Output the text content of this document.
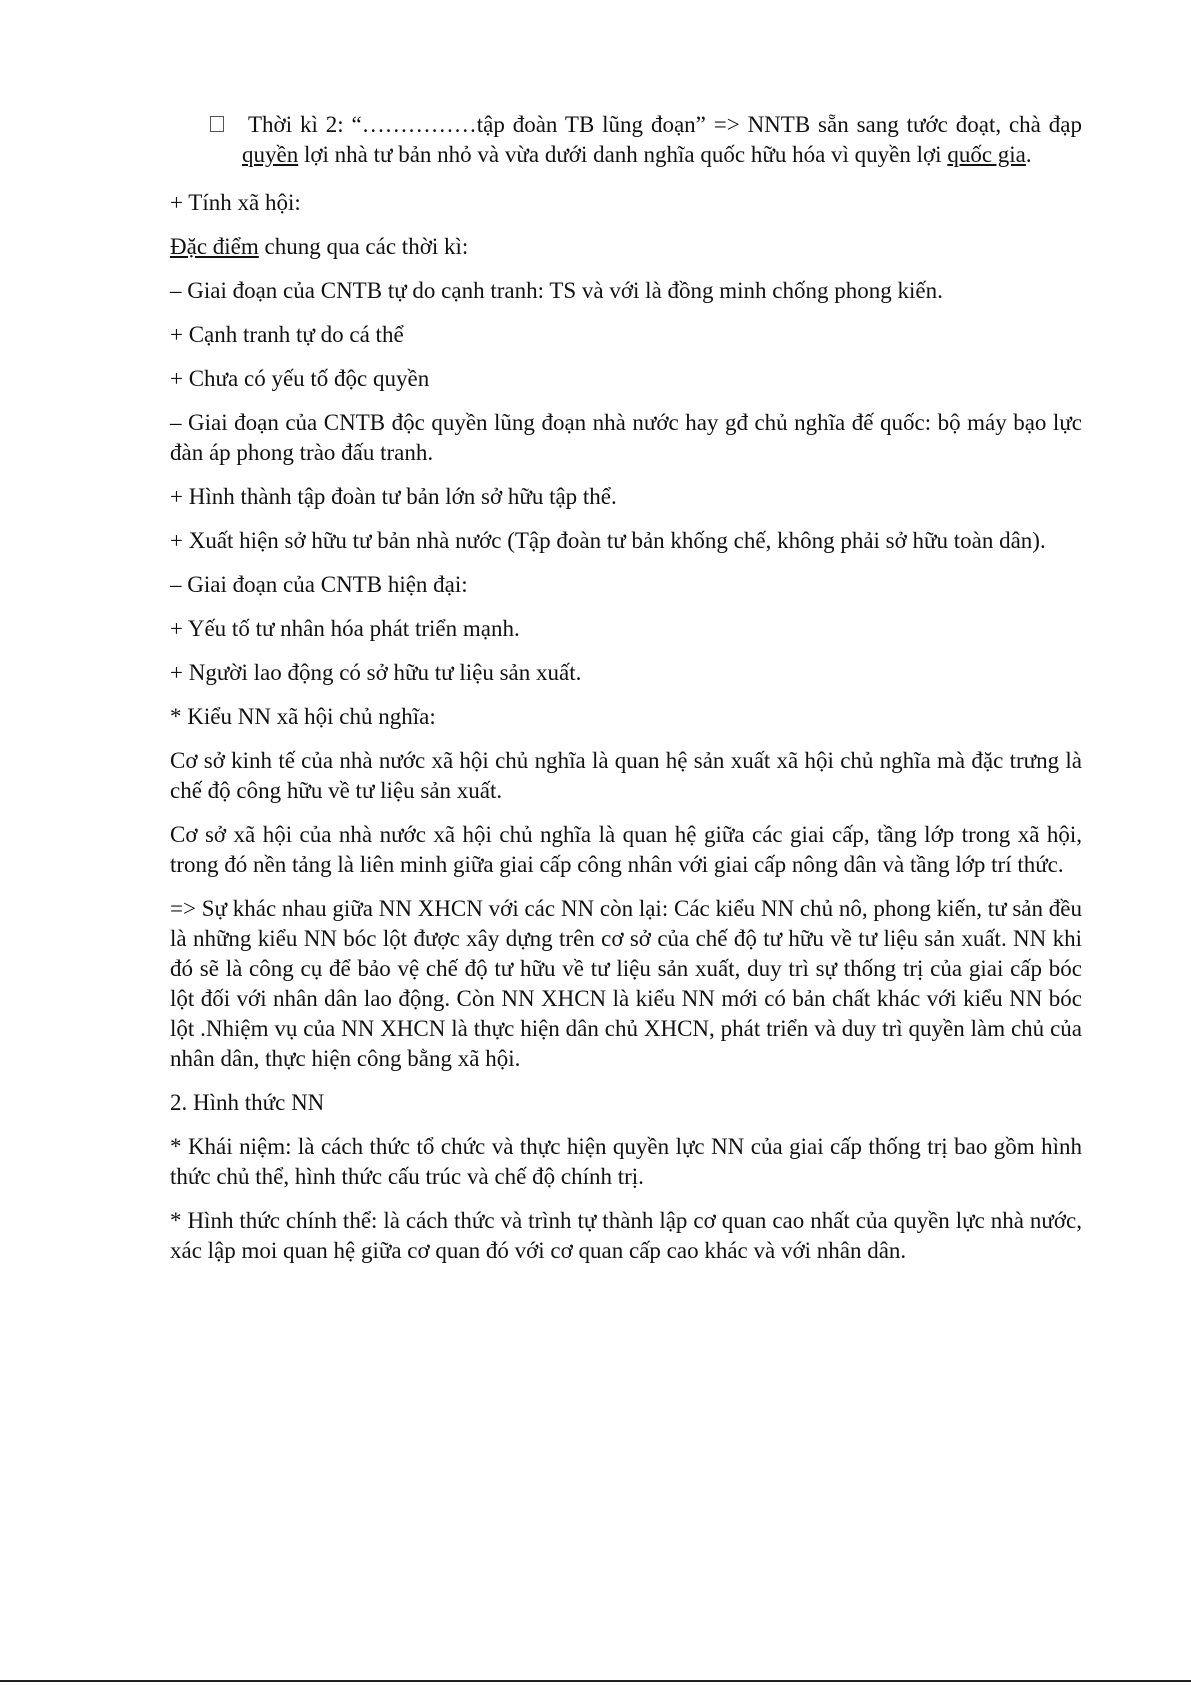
Thời kì 2: “……………tập đoàn TB lũng đoạn” => NNTB sẵn sang tước đoạt, chà đạp quyền lợi nhà tư bản nhỏ và vừa dưới danh nghĩa quốc hữu hóa vì quyền lợi quốc gia.

+ Tính xã hội:

Đặc điểm chung qua các thời kì:

– Giai đoạn của CNTB tự do cạnh tranh: TS và với là đồng minh chống phong kiến.

+ Cạnh tranh tự do cá thể

+ Chưa có yếu tố độc quyền

– Giai đoạn của CNTB độc quyền lũng đoạn nhà nước hay gđ chủ nghĩa đế quốc: bộ máy bạo lực đàn áp phong trào đấu tranh.

+ Hình thành tập đoàn tư bản lớn sở hữu tập thể.

+ Xuất hiện sở hữu tư bản nhà nước (Tập đoàn tư bản khống chế, không phải sở hữu toàn dân).

– Giai đoạn của CNTB hiện đại:

+ Yếu tố tư nhân hóa phát triển mạnh.

+ Người lao động có sở hữu tư liệu sản xuất.

* Kiểu NN xã hội chủ nghĩa:

Cơ sở kinh tế của nhà nước xã hội chủ nghĩa là quan hệ sản xuất xã hội chủ nghĩa mà đặc trưng là chế độ công hữu về tư liệu sản xuất.

Cơ sở xã hội của nhà nước xã hội chủ nghĩa là quan hệ giữa các giai cấp, tầng lớp trong xã hội, trong đó nền tảng là liên minh giữa giai cấp công nhân với giai cấp nông dân và tầng lớp trí thức.

=> Sự khác nhau giữa NN XHCN với các NN còn lại: Các kiểu NN chủ nô, phong kiến, tư sản đều là những kiểu NN bóc lột được xây dựng trên cơ sở của chế độ tư hữu về tư liệu sản xuất. NN khi đó sẽ là công cụ để bảo vệ chế độ tư hữu về tư liệu sản xuất, duy trì sự thống trị của giai cấp bóc lột đối với nhân dân lao động. Còn NN XHCN là kiểu NN mới có bản chất khác với kiểu NN bóc lột .Nhiệm vụ của NN XHCN là thực hiện dân chủ XHCN, phát triển và duy trì quyền làm chủ của nhân dân, thực hiện công bằng xã hội.

2. Hình thức NN

* Khái niệm: là cách thức tổ chức và thực hiện quyền lực NN của giai cấp thống trị bao gồm hình thức chủ thể, hình thức cấu trúc và chế độ chính trị.

* Hình thức chính thể: là cách thức và trình tự thành lập cơ quan cao nhất của quyền lực nhà nước, xác lập moi quan hệ giữa cơ quan đó với cơ quan cấp cao khác và với nhân dân.
